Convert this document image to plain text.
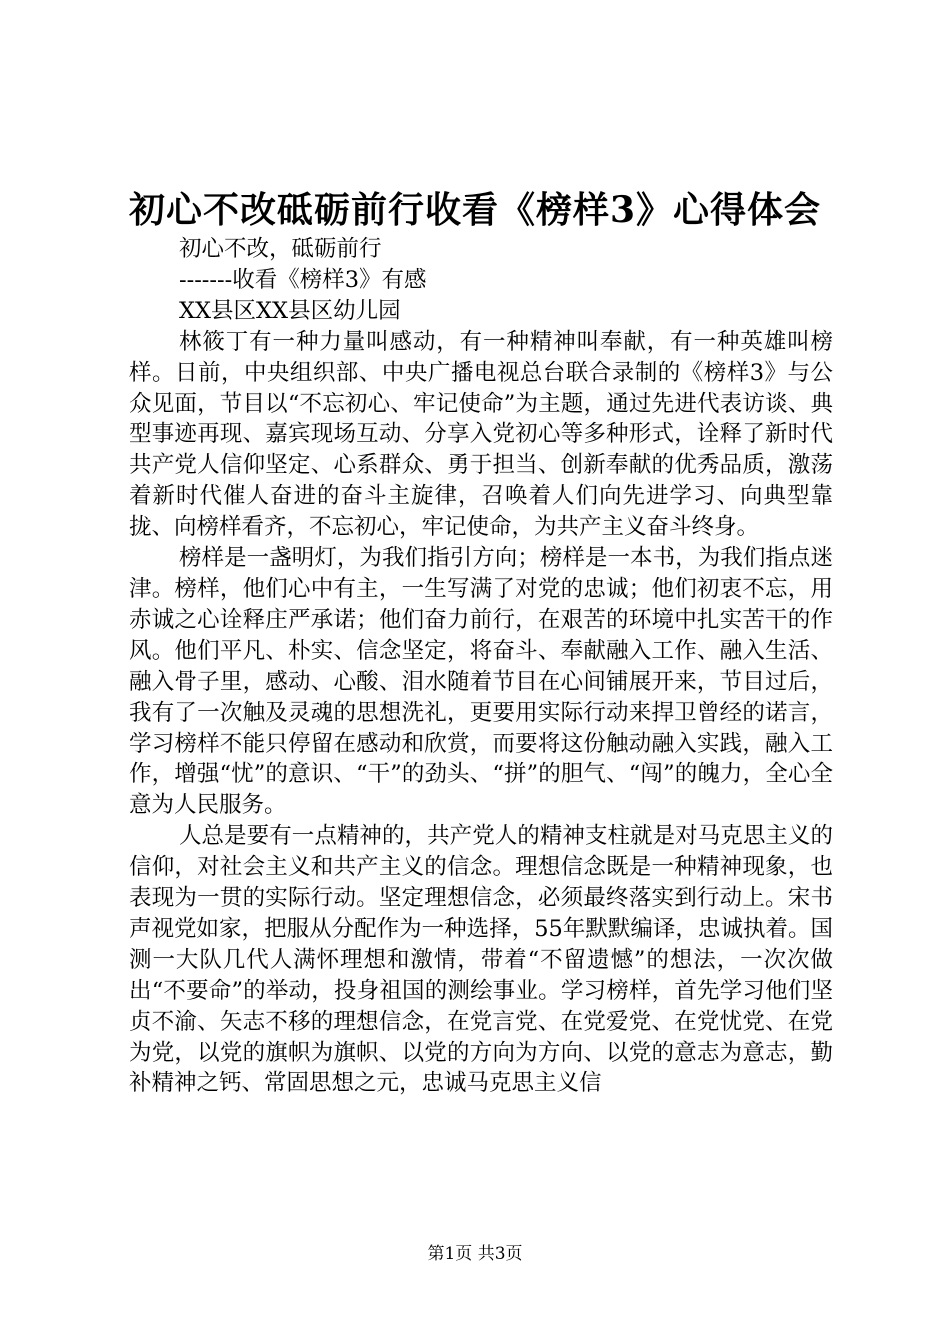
初心不改砥砺前行收看《榜样3》心得体会

初心不改，砥砺前行

-------收看《榜样3》有感

XX县区XX县区幼儿园

林筱丁有一种力量叫感动，有一种精神叫奉献，有一种英雄叫榜样。日前，中央组织部、中央广播电视总台联合录制的《榜样3》与公众见面，节目以“不忘初心、牢记使命”为主题，通过先进代表访谈、典型事迹再现、嘉宾现场互动、分享入党初心等多种形式，诠释了新时代共产党人信仰坚定、心系群众、勇于担当、创新奉献的优秀品质，激荡着新时代催人奋进的奋斗主旋律，召唤着人们向先进学习、向典型靠拢、向榜样看齐，不忘初心，牢记使命，为共产主义奋斗终身。

榜样是一盏明灯，为我们指引方向；榜样是一本书，为我们指点迷津。榜样，他们心中有主，一生写满了对党的忠诚；他们初衷不忘，用赤诚之心诠释庄严承诺；他们奋力前行，在艰苦的环境中扎实苦干的作风。他们平凡、朴实、信念坚定，将奋斗、奉献融入工作、融入生活、融入骨子里，感动、心酸、泪水随着节目在心间铺展开来，节目过后，我有了一次触及灵魂的思想洗礼，更要用实际行动来捍卫曾经的诺言，学习榜样不能只停留在感动和欣赏，而要将这份触动融入实践，融入工作，增强“忧”的意识、“干”的劲头、“拼”的胆气、“闯”的魄力，全心全意为人民服务。

人总是要有一点精神的，共产党人的精神支柱就是对马克思主义的信仰，对社会主义和共产主义的信念。理想信念既是一种精神现象，也表现为一贯的实际行动。坚定理想信念，必须最终落实到行动上。宋书声视党如家，把服从分配作为一种选择，55年默默编译，忠诚执着。国测一大队几代人满怀理想和激情，带着“不留遗憾”的想法，一次次做出“不要命”的举动，投身祖国的测绘事业。学习榜样，首先学习他们坚贞不渝、矢志不移的理想信念，在党言党、在党爱党、在党忧党、在党为党，以党的旗帜为旗帜、以党的方向为方向、以党的意志为意志，勤补精神之钙、常固思想之元，忠诚马克思主义信

第1页 共3页
